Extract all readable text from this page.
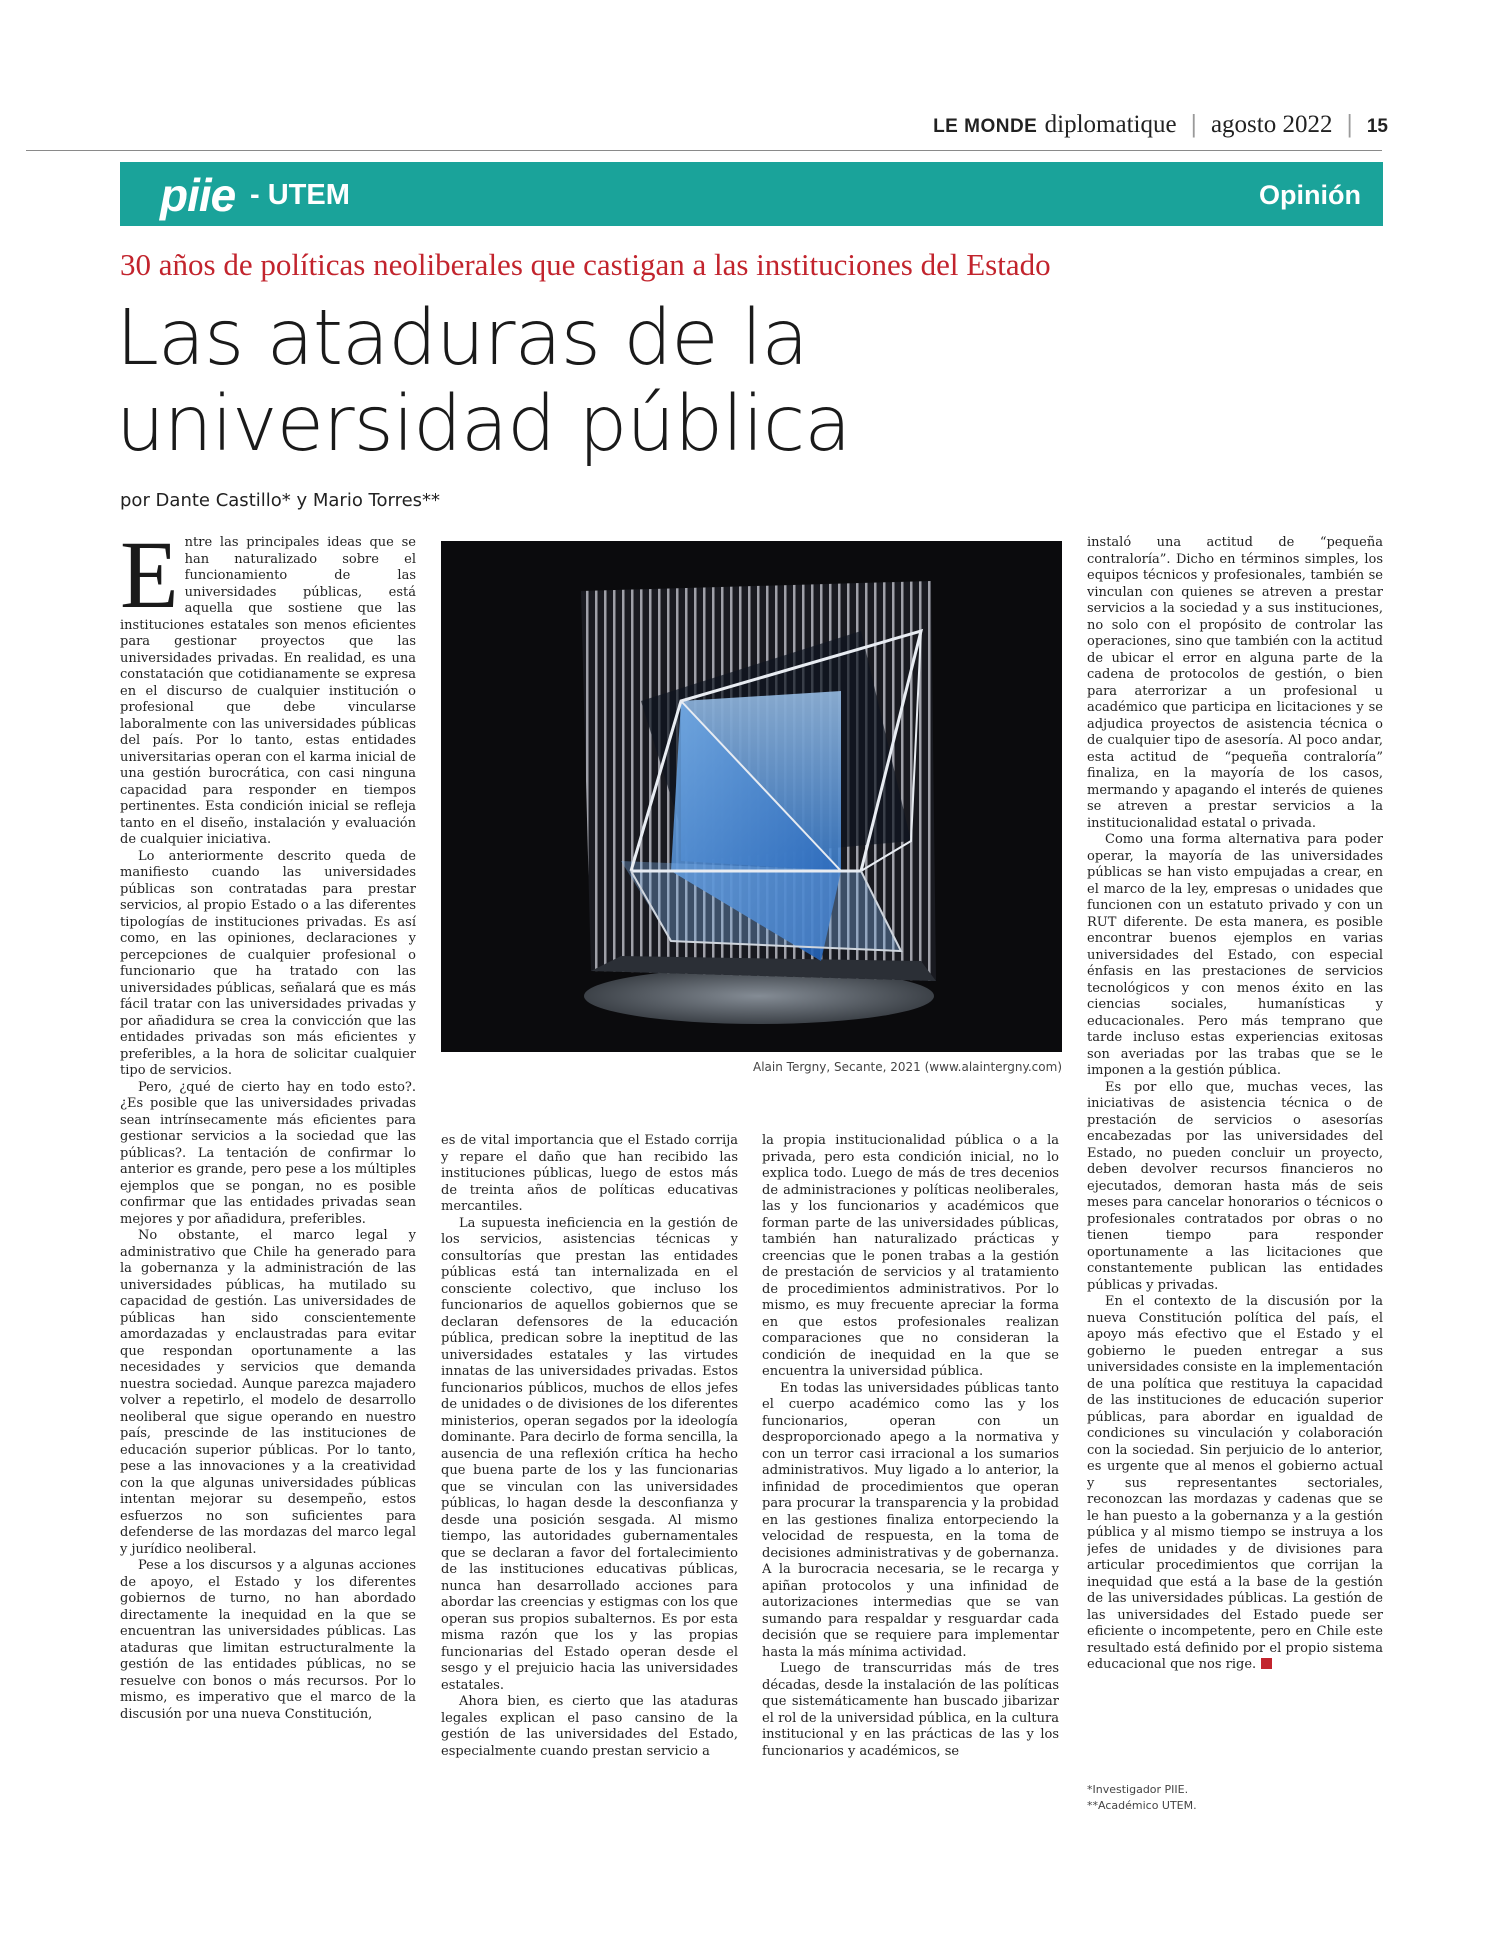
LE MONDE diplomatique | agosto 2022 | 15
piie - UTEM	Opinión
30 años de políticas neoliberales que castigan a las instituciones del Estado
Las ataduras de la
universidad pública
por Dante Castillo* y Mario Torres**

Entre las principales ideas que se han naturalizado sobre el funcionamiento de las universidades públicas, está aquella que sostiene que las instituciones estatales son menos eficientes para gestionar proyectos que las universidades privadas. En realidad, es una constatación que cotidianamente se expresa en el discurso de cualquier institución o profesional que debe vincularse laboralmente con las universidades públicas del país. Por lo tanto, estas entidades universitarias operan con el karma inicial de una gestión burocrática, con casi ninguna capacidad para responder en tiempos pertinentes. Esta condición inicial se refleja tanto en el diseño, instalación y evaluación de cualquier iniciativa.

Lo anteriormente descrito queda de manifiesto cuando las universidades públicas son contratadas para prestar servicios, al propio Estado o a las diferentes tipologías de instituciones privadas. Es así como, en las opiniones, declaraciones y percepciones de cualquier profesional o funcionario que ha tratado con las universidades públicas, señalará que es más fácil tratar con las universidades privadas y por añadidura se crea la convicción que las entidades privadas son más eficientes y preferibles, a la hora de solicitar cualquier tipo de servicios.

Pero, ¿qué de cierto hay en todo esto?. ¿Es posible que las universidades privadas sean intrínsecamente más eficientes para gestionar servicios a la sociedad que las públicas?. La tentación de confirmar lo anterior es grande, pero pese a los múltiples ejemplos que se pongan, no es posible confirmar que las entidades privadas sean mejores y por añadidura, preferibles.

No obstante, el marco legal y administrativo que Chile ha generado para la gobernanza y la administración de las universidades públicas, ha mutilado su capacidad de gestión. Las universidades de públicas han sido conscientemente amordazadas y enclaustradas para evitar que respondan oportunamente a las necesidades y servicios que demanda nuestra sociedad. Aunque parezca majadero volver a repetirlo, el modelo de desarrollo neoliberal que sigue operando en nuestro país, prescinde de las instituciones de educación superior públicas. Por lo tanto, pese a las innovaciones y a la creatividad con la que algunas universidades públicas intentan mejorar su desempeño, estos esfuerzos no son suficientes para defenderse de las mordazas del marco legal y jurídico neoliberal.

Pese a los discursos y a algunas acciones de apoyo, el Estado y los diferentes gobiernos de turno, no han abordado directamente la inequidad en la que se encuentran las universidades públicas. Las ataduras que limitan estructuralmente la gestión de las entidades públicas, no se resuelve con bonos o más recursos. Por lo mismo, es imperativo que el marco de la discusión por una nueva Constitución,

Alain Tergny, Secante, 2021 (www.alaintergny.com)

es de vital importancia que el Estado corrija y repare el daño que han recibido las instituciones públicas, luego de estos más de treinta años de políticas educativas mercantiles.

La supuesta ineficiencia en la gestión de los servicios, asistencias técnicas y consultorías que prestan las entidades públicas está tan internalizada en el consciente colectivo, que incluso los funcionarios de aquellos gobiernos que se declaran defensores de la educación pública, predican sobre la ineptitud de las universidades estatales y las virtudes innatas de las universidades privadas. Estos funcionarios públicos, muchos de ellos jefes de unidades o de divisiones de los diferentes ministerios, operan segados por la ideología dominante. Para decirlo de forma sencilla, la ausencia de una reflexión crítica ha hecho que buena parte de los y las funcionarias que se vinculan con las universidades públicas, lo hagan desde la desconfianza y desde una posición sesgada. Al mismo tiempo, las autoridades gubernamentales que se declaran a favor del fortalecimiento de las instituciones educativas públicas, nunca han desarrollado acciones para abordar las creencias y estigmas con los que operan sus propios subalternos. Es por esta misma razón que los y las propias funcionarias del Estado operan desde el sesgo y el prejuicio hacia las universidades estatales.

Ahora bien, es cierto que las ataduras legales explican el paso cansino de la gestión de las universidades del Estado, especialmente cuando prestan servicio a

la propia institucionalidad pública o a la privada, pero esta condición inicial, no lo explica todo. Luego de más de tres decenios de administraciones y políticas neoliberales, las y los funcionarios y académicos que forman parte de las universidades públicas, también han naturalizado prácticas y creencias que le ponen trabas a la gestión de prestación de servicios y al tratamiento de procedimientos administrativos. Por lo mismo, es muy frecuente apreciar la forma en que estos profesionales realizan comparaciones que no consideran la condición de inequidad en la que se encuentra la universidad pública.

En todas las universidades públicas tanto el cuerpo académico como las y los funcionarios, operan con un desproporcionado apego a la normativa y con un terror casi irracional a los sumarios administrativos. Muy ligado a lo anterior, la infinidad de procedimientos que operan para procurar la transparencia y la probidad en las gestiones finaliza entorpeciendo la velocidad de respuesta, en la toma de decisiones administrativas y de gobernanza. A la burocracia necesaria, se le recarga y apiñan protocolos y una infinidad de autorizaciones intermedias que se van sumando para respaldar y resguardar cada decisión que se requiere para implementar hasta la más mínima actividad.

Luego de transcurridas más de tres décadas, desde la instalación de las políticas que sistemáticamente han buscado jibarizar el rol de la universidad pública, en la cultura institucional y en las prácticas de las y los funcionarios y académicos, se

instaló una actitud de “pequeña contraloría”. Dicho en términos simples, los equipos técnicos y profesionales, también se vinculan con quienes se atreven a prestar servicios a la sociedad y a sus instituciones, no solo con el propósito de controlar las operaciones, sino que también con la actitud de ubicar el error en alguna parte de la cadena de protocolos de gestión, o bien para aterrorizar a un profesional u académico que participa en licitaciones y se adjudica proyectos de asistencia técnica o de cualquier tipo de asesoría. Al poco andar, esta actitud de “pequeña contraloría” finaliza, en la mayoría de los casos, mermando y apagando el interés de quienes se atreven a prestar servicios a la institucionalidad estatal o privada.

Como una forma alternativa para poder operar, la mayoría de las universidades públicas se han visto empujadas a crear, en el marco de la ley, empresas o unidades que funcionen con un estatuto privado y con un RUT diferente. De esta manera, es posible encontrar buenos ejemplos en varias universidades del Estado, con especial énfasis en las prestaciones de servicios tecnológicos y con menos éxito en las ciencias sociales, humanísticas y educacionales. Pero más temprano que tarde incluso estas experiencias exitosas son averiadas por las trabas que se le imponen a la gestión pública.

Es por ello que, muchas veces, las iniciativas de asistencia técnica o de prestación de servicios o asesorías encabezadas por las universidades del Estado, no pueden concluir un proyecto, deben devolver recursos financieros no ejecutados, demoran hasta más de seis meses para cancelar honorarios o técnicos o profesionales contratados por obras o no tienen tiempo para responder oportunamente a las licitaciones que constantemente publican las entidades públicas y privadas.

En el contexto de la discusión por la nueva Constitución política del país, el apoyo más efectivo que el Estado y el gobierno le pueden entregar a sus universidades consiste en la implementación de una política que restituya la capacidad de las instituciones de educación superior públicas, para abordar en igualdad de condiciones su vinculación y colaboración con la sociedad. Sin perjuicio de lo anterior, es urgente que al menos el gobierno actual y sus representantes sectoriales, reconozcan las mordazas y cadenas que se le han puesto a la gobernanza y a la gestión pública y al mismo tiempo se instruya a los jefes de unidades y de divisiones para articular procedimientos que corrijan la inequidad que está a la base de la gestión de las universidades públicas. La gestión de las universidades del Estado puede ser eficiente o incompetente, pero en Chile este resultado está definido por el propio sistema educacional que nos rige.

*Investigador PIIE.
**Académico UTEM.
